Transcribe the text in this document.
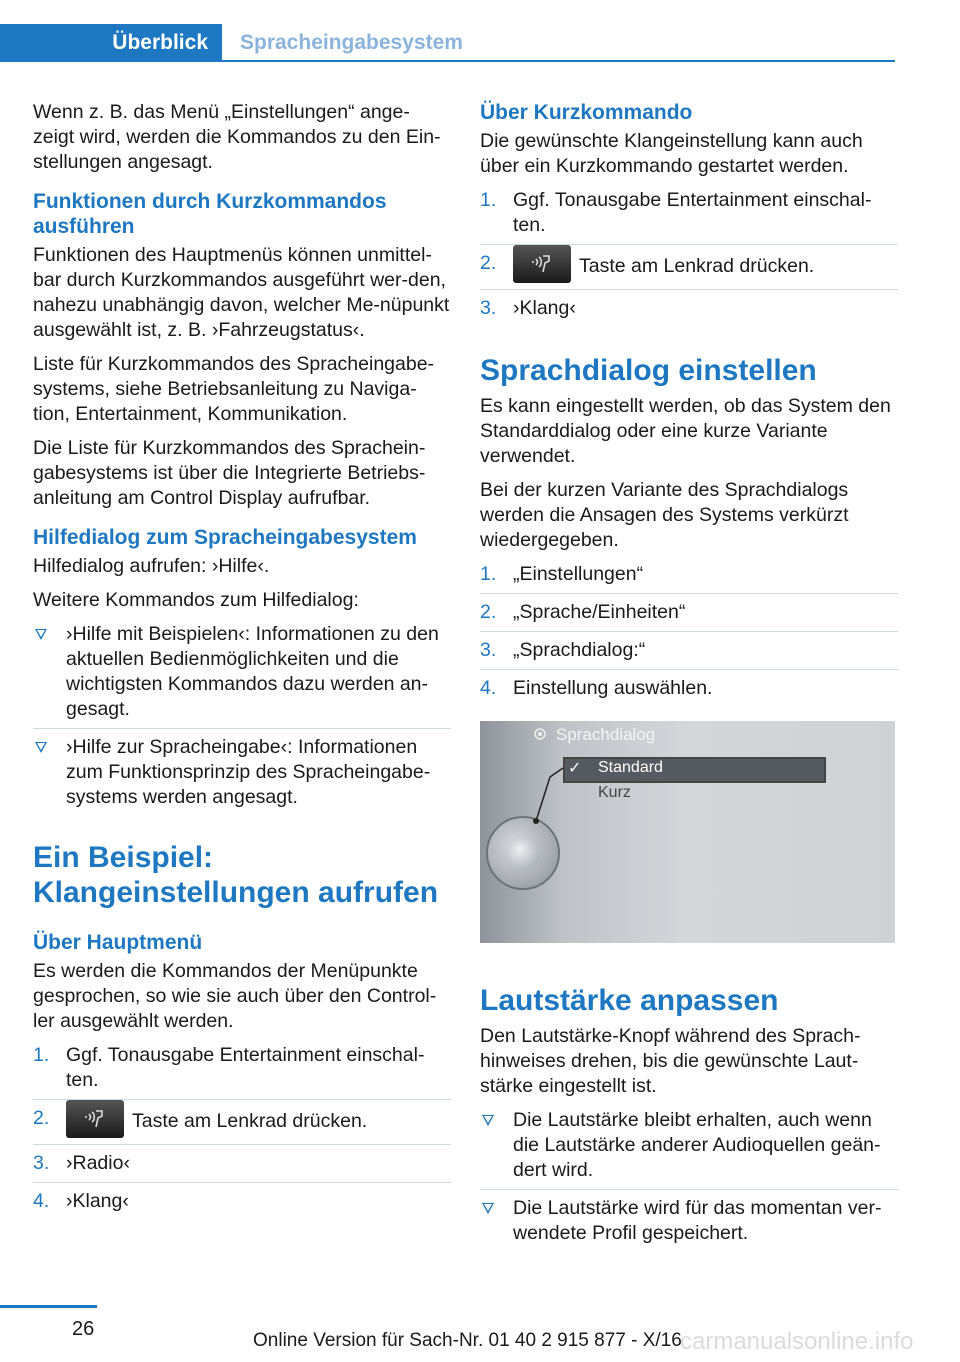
Überblick	Spracheingabesystem

Wenn z. B. das Menü „Einstellungen“ ange‐zeigt wird, werden die Kommandos zu den Ein‐stellungen angesagt.

Funktionen durch Kurzkommandos ausführen

Funktionen des Hauptmenüs können unmittel‐bar durch Kurzkommandos ausgeführt wer‐den, nahezu unabhängig davon, welcher Me‐nüpunkt ausgewählt ist, z. B. ›Fahrzeugstatus‹.

Liste für Kurzkommandos des Spracheingabe‐systems, siehe Betriebsanleitung zu Naviga‐tion, Entertainment, Kommunikation.

Die Liste für Kurzkommandos des Sprachein‐gabesystems ist über die Integrierte Betriebs‐anleitung am Control Display aufrufbar.

Hilfedialog zum Spracheingabesystem

Hilfedialog aufrufen: ›Hilfe‹.

Weitere Kommandos zum Hilfedialog:

›Hilfe mit Beispielen‹: Informationen zu den aktuellen Bedienmöglichkeiten und die wichtigsten Kommandos dazu werden an‐gesagt.
›Hilfe zur Spracheingabe‹: Informationen zum Funktionsprinzip des Spracheingabe‐systems werden angesagt.
Ein Beispiel: Klangeinstellungen aufrufen
Über Hauptmenü

Es werden die Kommandos der Menüpunkte gesprochen, so wie sie auch über den Control‐ler ausgewählt werden.

1. Ggf. Tonausgabe Entertainment einschal‐ten.
2.	Taste am Lenkrad drücken.
3. ›Radio‹
4. ›Klang‹
Über Kurzkommando

Die gewünschte Klangeinstellung kann auch über ein Kurzkommando gestartet werden.

1. Ggf. Tonausgabe Entertainment einschal‐ten.
2.	Taste am Lenkrad drücken.
3. ›Klang‹
Sprachdialog einstellen

Es kann eingestellt werden, ob das System den Standarddialog oder eine kurze Variante verwendet.

Bei der kurzen Variante des Sprachdialogs werden die Ansagen des Systems verkürzt wiedergegeben.

1. „Einstellungen“
2. „Sprache/Einheiten“
3. „Sprachdialog:“
4. Einstellung auswählen.
Sprachdialog
✓ Standard
Kurz
Lautstärke anpassen

Den Lautstärke-Knopf während des Sprach‐hinweises drehen, bis die gewünschte Laut‐stärke eingestellt ist.

Die Lautstärke bleibt erhalten, auch wenn die Lautstärke anderer Audioquellen geän‐dert wird.
Die Lautstärke wird für das momentan ver‐wendete Profil gespeichert.
26
Online Version für Sach-Nr. 01 40 2 915 877 - X/16
carmanualsonline.info
